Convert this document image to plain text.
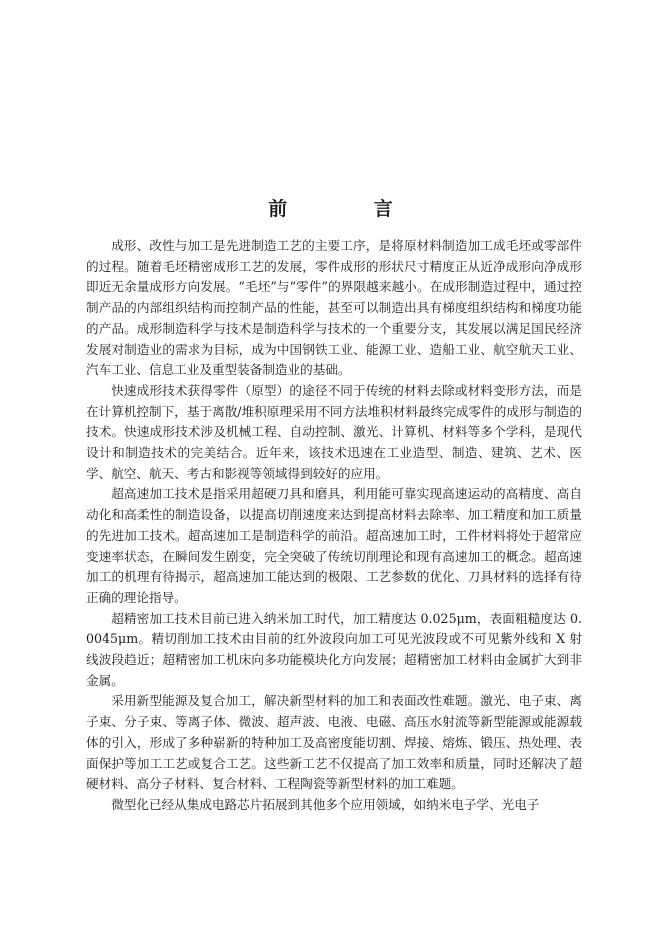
前 言

成形、改性与加工是先进制造工艺的主要工序，是将原材料制造加工成毛坯或零部件的过程。随着毛坯精密成形工艺的发展，零件成形的形状尺寸精度正从近净成形向净成形即近无余量成形方向发展。“毛坯”与“零件”的界限越来越小。在成形制造过程中，通过控制产品的内部组织结构而控制产品的性能，甚至可以制造出具有梯度组织结构和梯度功能的产品。成形制造科学与技术是制造科学与技术的一个重要分支，其发展以满足国民经济发展对制造业的需求为目标，成为中国钢铁工业、能源工业、造船工业、航空航天工业、汽车工业、信息工业及重型装备制造业的基础。

快速成形技术获得零件（原型）的途径不同于传统的材料去除或材料变形方法，而是在计算机控制下，基于离散/堆积原理采用不同方法堆积材料最终完成零件的成形与制造的技术。快速成形技术涉及机械工程、自动控制、激光、计算机、材料等多个学科，是现代设计和制造技术的完美结合。近年来，该技术迅速在工业造型、制造、建筑、艺术、医学、航空、航天、考古和影视等领域得到较好的应用。

超高速加工技术是指采用超硬刀具和磨具，利用能可靠实现高速运动的高精度、高自动化和高柔性的制造设备，以提高切削速度来达到提高材料去除率、加工精度和加工质量的先进加工技术。超高速加工是制造科学的前沿。超高速加工时，工件材料将处于超常应变速率状态，在瞬间发生剧变，完全突破了传统切削理论和现有高速加工的概念。超高速加工的机理有待揭示，超高速加工能达到的极限、工艺参数的优化、刀具材料的选择有待正确的理论指导。

超精密加工技术目前已进入纳米加工时代，加工精度达 0.025μm，表面粗糙度达 0.0045μm。精切削加工技术由目前的红外波段向加工可见光波段或不可见紫外线和 X 射线波段趋近；超精密加工机床向多功能模块化方向发展；超精密加工材料由金属扩大到非金属。

采用新型能源及复合加工，解决新型材料的加工和表面改性难题。激光、电子束、离子束、分子束、等离子体、微波、超声波、电液、电磁、高压水射流等新型能源或能源载体的引入，形成了多种崭新的特种加工及高密度能切割、焊接、熔炼、锻压、热处理、表面保护等加工工艺或复合工艺。这些新工艺不仅提高了加工效率和质量，同时还解决了超硬材料、高分子材料、复合材料、工程陶瓷等新型材料的加工难题。

微型化已经从集成电路芯片拓展到其他多个应用领域，如纳米电子学、光电子
